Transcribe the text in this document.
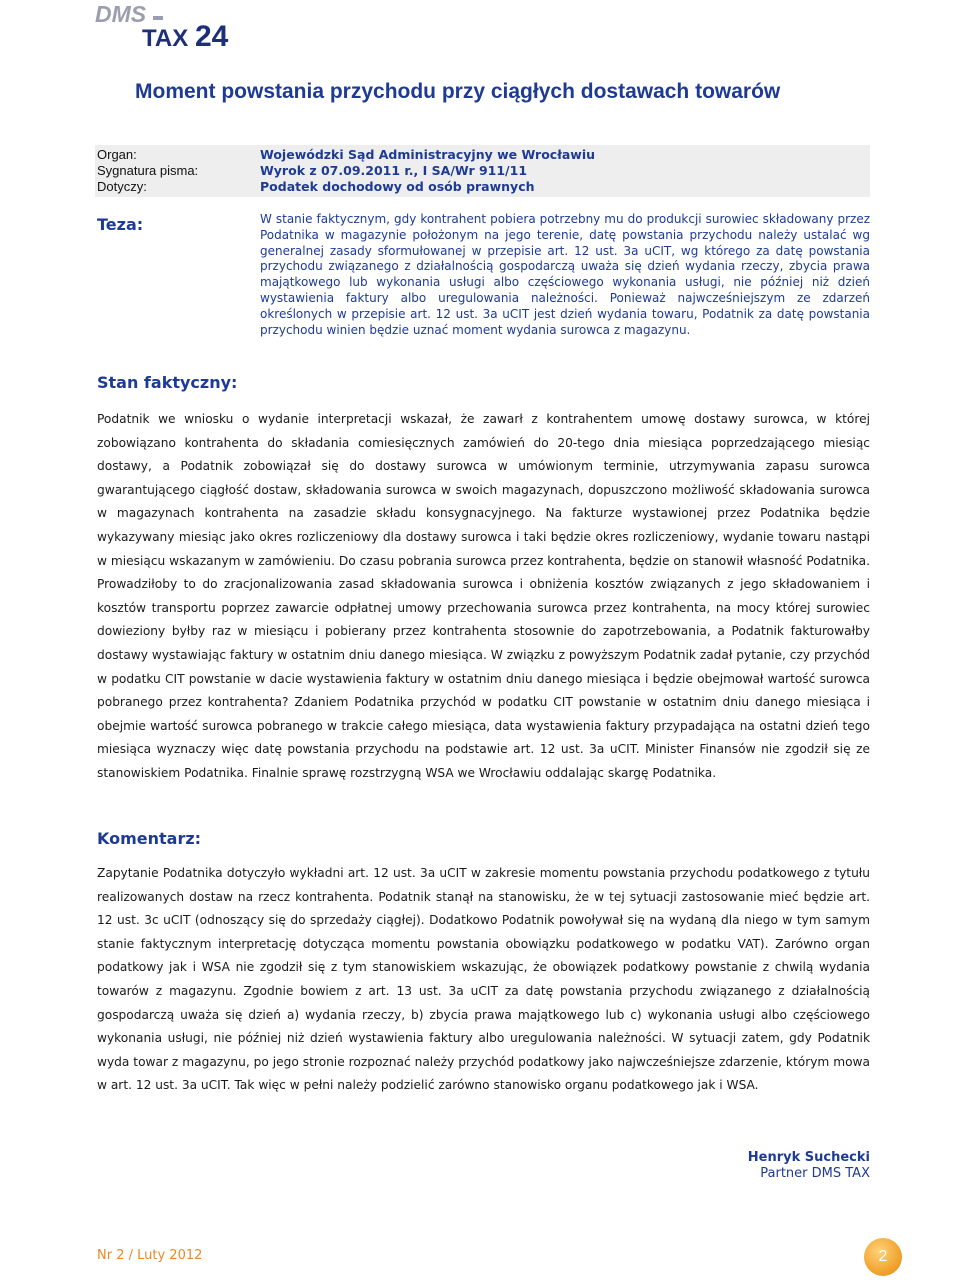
DMS
TAX 24
Moment powstania przychodu przy ciągłych dostawach towarów
Organ:	Wojewódzki Sąd Administracyjny we Wrocławiu
Sygnatura pisma:	Wyrok z 07.09.2011 r., I SA/Wr 911/11
Dotyczy:	Podatek dochodowy od osób prawnych
Teza:	W stanie faktycznym, gdy kontrahent pobiera potrzebny mu do produkcji surowiec składowany przez Podatnika w magazynie położonym na jego terenie, datę powstania przychodu należy ustalać wg generalnej zasady sformułowanej w przepisie art. 12 ust. 3a uCIT, wg którego za datę powstania przychodu związanego z działalnością gospodarczą uważa się dzień wydania rzeczy, zbycia prawa majątkowego lub wykonania usługi albo częściowego wykonania usługi, nie później niż dzień wystawienia faktury albo uregulowania należności. Ponieważ najwcześniejszym ze zdarzeń określonych w przepisie art. 12 ust. 3a uCIT jest dzień wydania towaru, Podatnik za datę powstania przychodu winien będzie uznać moment wydania surowca z magazynu.

Stan faktyczny:

Podatnik we wniosku o wydanie interpretacji wskazał, że zawarł z kontrahentem umowę dostawy surowca, w której zobowiązano kontrahenta do składania comiesięcznych zamówień do 20-tego dnia miesiąca poprzedzającego miesiąc dostawy, a Podatnik zobowiązał się do dostawy surowca w umówionym terminie, utrzymywania zapasu surowca gwarantującego ciągłość dostaw, składowania surowca w swoich magazynach, dopuszczono możliwość składowania surowca w magazynach kontrahenta na zasadzie składu konsygnacyjnego. Na fakturze wystawionej przez Podatnika będzie wykazywany miesiąc jako okres rozliczeniowy dla dostawy surowca i taki będzie okres rozliczeniowy, wydanie towaru nastąpi w miesiącu wskazanym w zamówieniu. Do czasu pobrania surowca przez kontrahenta, będzie on stanowił własność Podatnika. Prowadziłoby to do zracjonalizowania zasad składowania surowca i obniżenia kosztów związanych z jego składowaniem i kosztów transportu poprzez zawarcie odpłatnej umowy przechowania surowca przez kontrahenta, na mocy której surowiec dowieziony byłby raz w miesiącu i pobierany przez kontrahenta stosownie do zapotrzebowania, a Podatnik fakturowałby dostawy wystawiając faktury w ostatnim dniu danego miesiąca. W związku z powyższym Podatnik zadał pytanie, czy przychód w podatku CIT powstanie w dacie wystawienia faktury w ostatnim dniu danego miesiąca i będzie obejmował wartość surowca pobranego przez kontrahenta? Zdaniem Podatnika przychód w podatku CIT powstanie w ostatnim dniu danego miesiąca i obejmie wartość surowca pobranego w trakcie całego miesiąca, data wystawienia faktury przypadająca na ostatni dzień tego miesiąca wyznaczy więc datę powstania przychodu na podstawie art. 12 ust. 3a uCIT. Minister Finansów nie zgodził się ze stanowiskiem Podatnika. Finalnie sprawę rozstrzygną WSA we Wrocławiu oddalając skargę Podatnika.

Komentarz:

Zapytanie Podatnika dotyczyło wykładni art. 12 ust. 3a uCIT w zakresie momentu powstania przychodu podatkowego z tytułu realizowanych dostaw na rzecz kontrahenta. Podatnik stanął na stanowisku, że w tej sytuacji zastosowanie mieć będzie art. 12 ust. 3c uCIT (odnoszący się do sprzedaży ciągłej). Dodatkowo Podatnik powoływał się na wydaną dla niego w tym samym stanie faktycznym interpretację dotycząca momentu powstania obowiązku podatkowego w podatku VAT). Zarówno organ podatkowy jak i WSA nie zgodził się z tym stanowiskiem wskazując, że obowiązek podatkowy powstanie z chwilą wydania towarów z magazynu. Zgodnie bowiem z art. 13 ust. 3a uCIT za datę powstania przychodu związanego z działalnością gospodarczą uważa się dzień a) wydania rzeczy, b) zbycia prawa majątkowego lub c) wykonania usługi albo częściowego wykonania usługi, nie później niż dzień wystawienia faktury albo uregulowania należności. W sytuacji zatem, gdy Podatnik wyda towar z magazynu, po jego stronie rozpoznać należy przychód podatkowy jako najwcześniejsze zdarzenie, którym mowa w art. 12 ust. 3a uCIT. Tak więc w pełni należy podzielić zarówno stanowisko organu podatkowego jak i WSA.

Henryk Suchecki
Partner DMS TAX
Nr 2 / Luty 2012	2
